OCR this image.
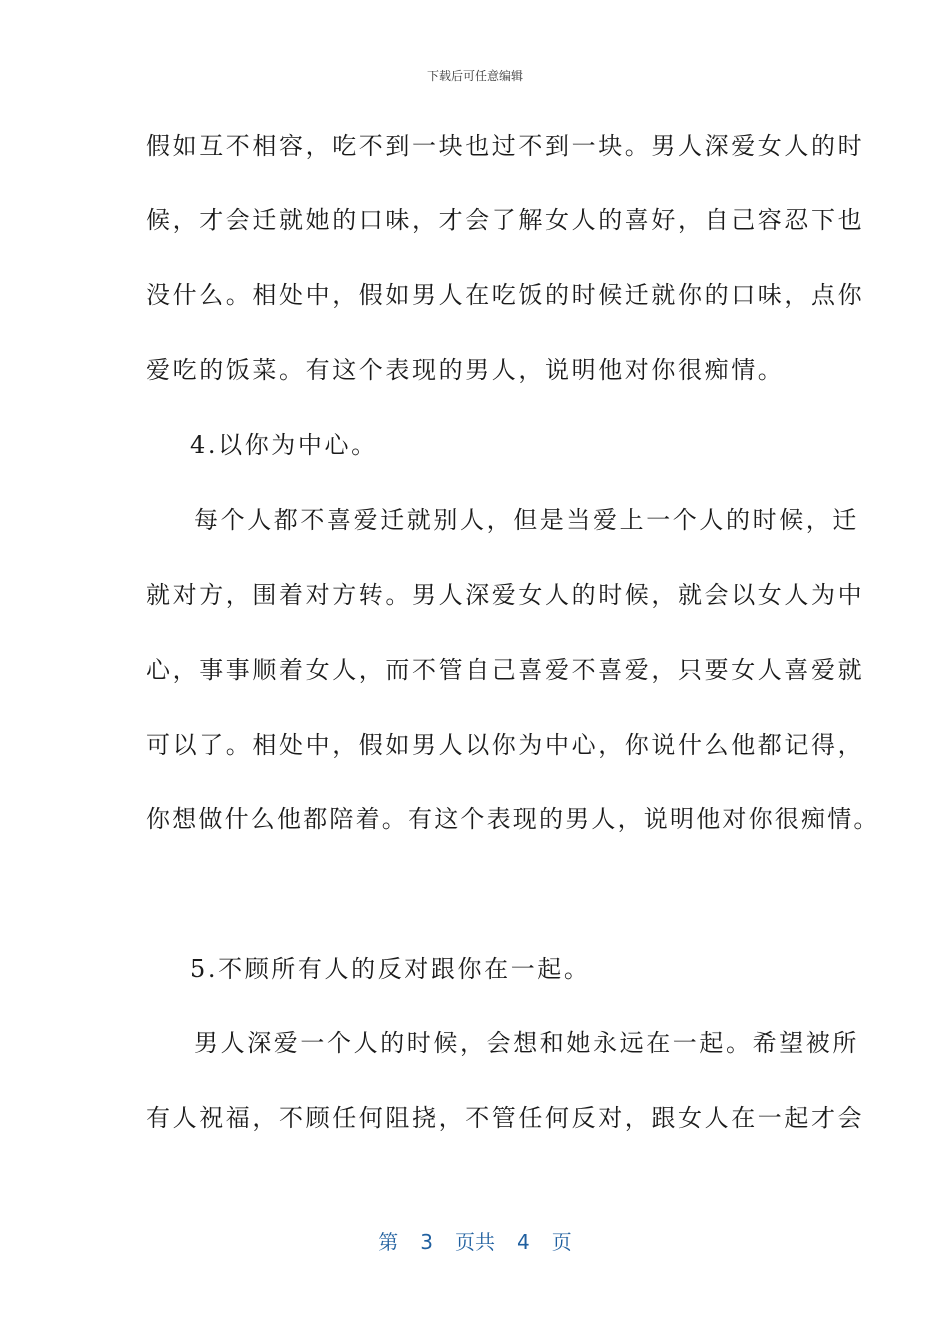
下载后可任意编辑
假如互不相容，吃不到一块也过不到一块。男人深爱女人的时
候，才会迁就她的口味，才会了解女人的喜好，自己容忍下也
没什么。相处中，假如男人在吃饭的时候迁就你的口味，点你
爱吃的饭菜。有这个表现的男人，说明他对你很痴情。
4.以你为中心。
每个人都不喜爱迁就别人，但是当爱上一个人的时候，迁
就对方，围着对方转。男人深爱女人的时候，就会以女人为中
心，事事顺着女人，而不管自己喜爱不喜爱，只要女人喜爱就
可以了。相处中，假如男人以你为中心，你说什么他都记得，
你想做什么他都陪着。有这个表现的男人，说明他对你很痴情。
5.不顾所有人的反对跟你在一起。
男人深爱一个人的时候，会想和她永远在一起。希望被所
有人祝福，不顾任何阻挠，不管任何反对，跟女人在一起才会
第 3 页共 4 页
